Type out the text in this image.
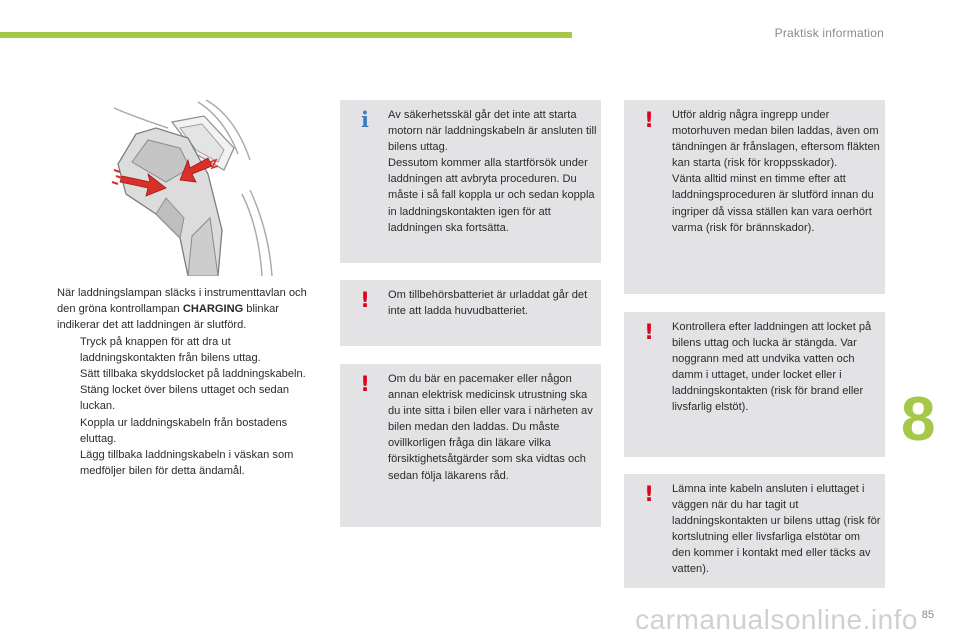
Praktisk information

När laddningslampan släcks i instrumenttavlan och den gröna kontrollampan CHARGING blinkar indikerar det att laddningen är slutförd.

Tryck på knappen för att dra ut laddningskontakten från bilens uttag.
Sätt tillbaka skyddslocket på laddningskabeln.
Stäng locket över bilens uttaget och sedan luckan.
Koppla ur laddningskabeln från bostadens eluttag.
Lägg tillbaka laddningskabeln i väskan som medföljer bilen för detta ändamål.
i Av säkerhetsskäl går det inte att starta motorn när laddningskabeln är ansluten till bilens uttag.
Dessutom kommer alla startförsök under laddningen att avbryta proceduren. Du måste i så fall koppla ur och sedan koppla in laddningskontakten igen för att laddningen ska fortsätta.

! Om tillbehörsbatteriet är urladdat går det inte att ladda huvudbatteriet.

! Om du bär en pacemaker eller någon annan elektrisk medicinsk utrustning ska du inte sitta i bilen eller vara i närheten av bilen medan den laddas. Du måste ovillkorligen fråga din läkare vilka försiktighetsåtgärder som ska vidtas och sedan följa läkarens råd.

! Utför aldrig några ingrepp under motorhuven medan bilen laddas, även om tändningen är frånslagen, eftersom fläkten kan starta (risk för kroppsskador).
Vänta alltid minst en timme efter att laddningsproceduren är slutförd innan du ingriper då vissa ställen kan vara oerhört varma (risk för brännskador).

! Kontrollera efter laddningen att locket på bilens uttag och lucka är stängda. Var noggrann med att undvika vatten och damm i uttaget, under locket eller i laddningskontakten (risk för brand eller livsfarlig elstöt).

! Lämna inte kabeln ansluten i eluttaget i väggen när du har tagit ut laddningskontakten ur bilens uttag (risk för kortslutning eller livsfarliga elstötar om den kommer i kontakt med eller täcks av vatten).

8
85
carmanualsonline.info
